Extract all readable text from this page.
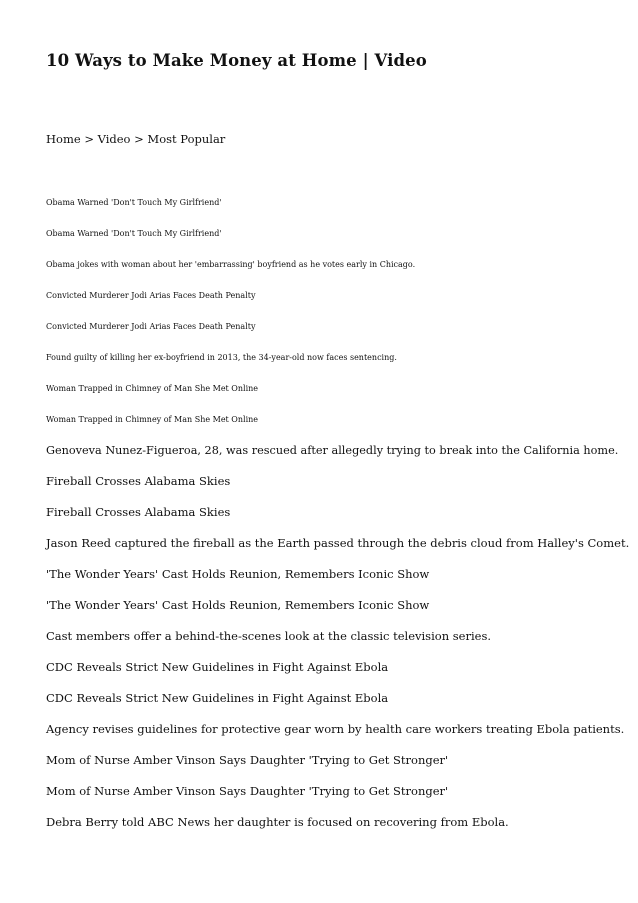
10 Ways to Make Money at Home | Video
Home > Video > Most Popular
Obama Warned 'Don't Touch My Girlfriend'
Obama Warned 'Don't Touch My Girlfriend'
Obama jokes with woman about her 'embarrassing' boyfriend as he votes early in Chicago.
Convicted Murderer Jodi Arias Faces Death Penalty
Convicted Murderer Jodi Arias Faces Death Penalty
Found guilty of killing her ex-boyfriend in 2013, the 34-year-old now faces sentencing.
Woman Trapped in Chimney of Man She Met Online
Woman Trapped in Chimney of Man She Met Online
Genoveva Nunez-Figueroa, 28, was rescued after allegedly trying to break into the California home.
Fireball Crosses Alabama Skies
Fireball Crosses Alabama Skies
Jason Reed captured the fireball as the Earth passed through the debris cloud from Halley's Comet.
'The Wonder Years' Cast Holds Reunion, Remembers Iconic Show
'The Wonder Years' Cast Holds Reunion, Remembers Iconic Show
Cast members offer a behind-the-scenes look at the classic television series.
CDC Reveals Strict New Guidelines in Fight Against Ebola
CDC Reveals Strict New Guidelines in Fight Against Ebola
Agency revises guidelines for protective gear worn by health care workers treating Ebola patients.
Mom of Nurse Amber Vinson Says Daughter 'Trying to Get Stronger'
Mom of Nurse Amber Vinson Says Daughter 'Trying to Get Stronger'
Debra Berry told ABC News her daughter is focused on recovering from Ebola.
